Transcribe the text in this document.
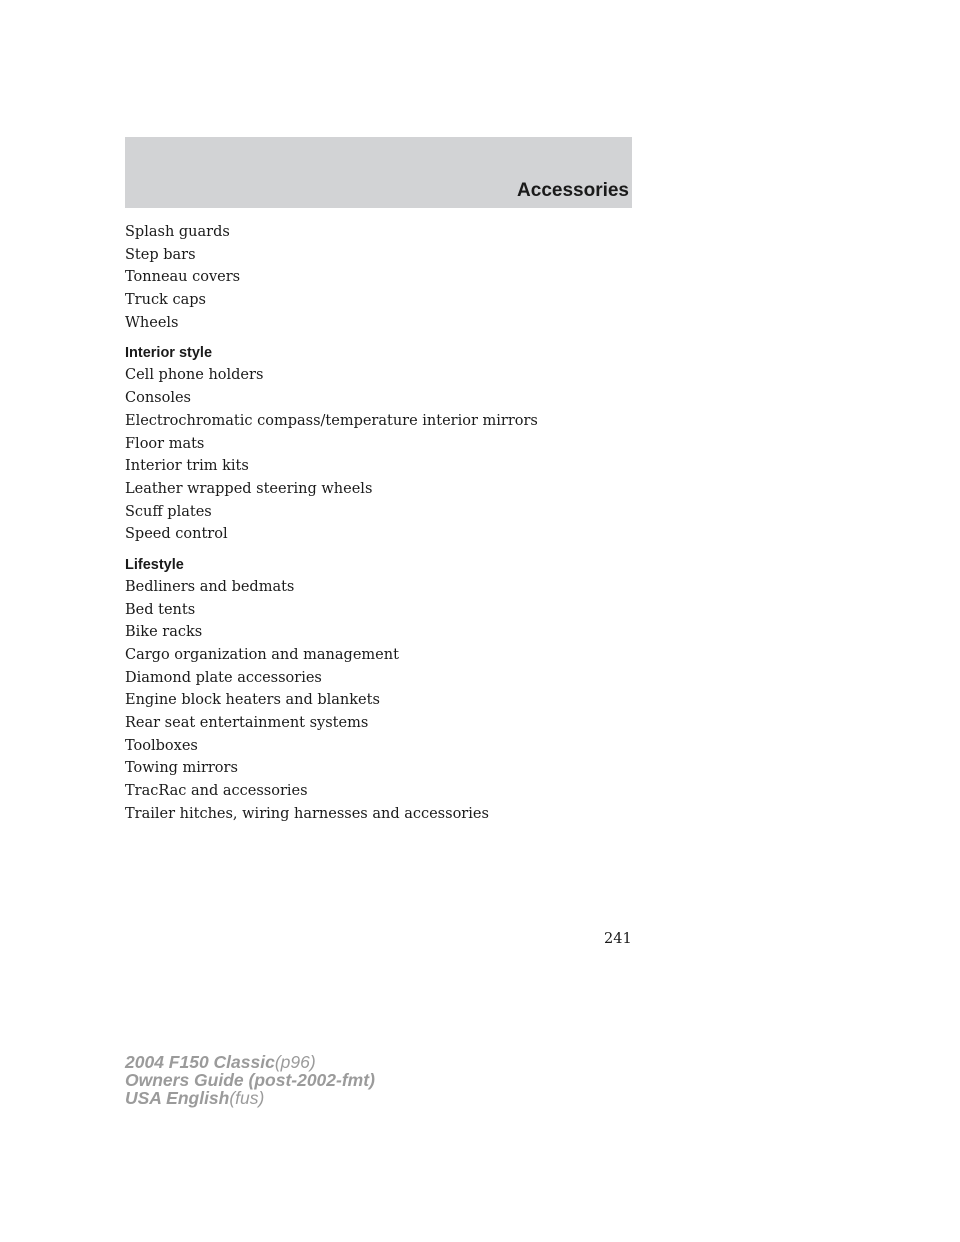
Accessories
Splash guards
Step bars
Tonneau covers
Truck caps
Wheels
Interior style
Cell phone holders
Consoles
Electrochromatic compass/temperature interior mirrors
Floor mats
Interior trim kits
Leather wrapped steering wheels
Scuff plates
Speed control
Lifestyle
Bedliners and bedmats
Bed tents
Bike racks
Cargo organization and management
Diamond plate accessories
Engine block heaters and blankets
Rear seat entertainment systems
Toolboxes
Towing mirrors
TracRac and accessories
Trailer hitches, wiring harnesses and accessories
241
2004 F150 Classic(p96)
Owners Guide (post-2002-fmt)
USA English(fus)
